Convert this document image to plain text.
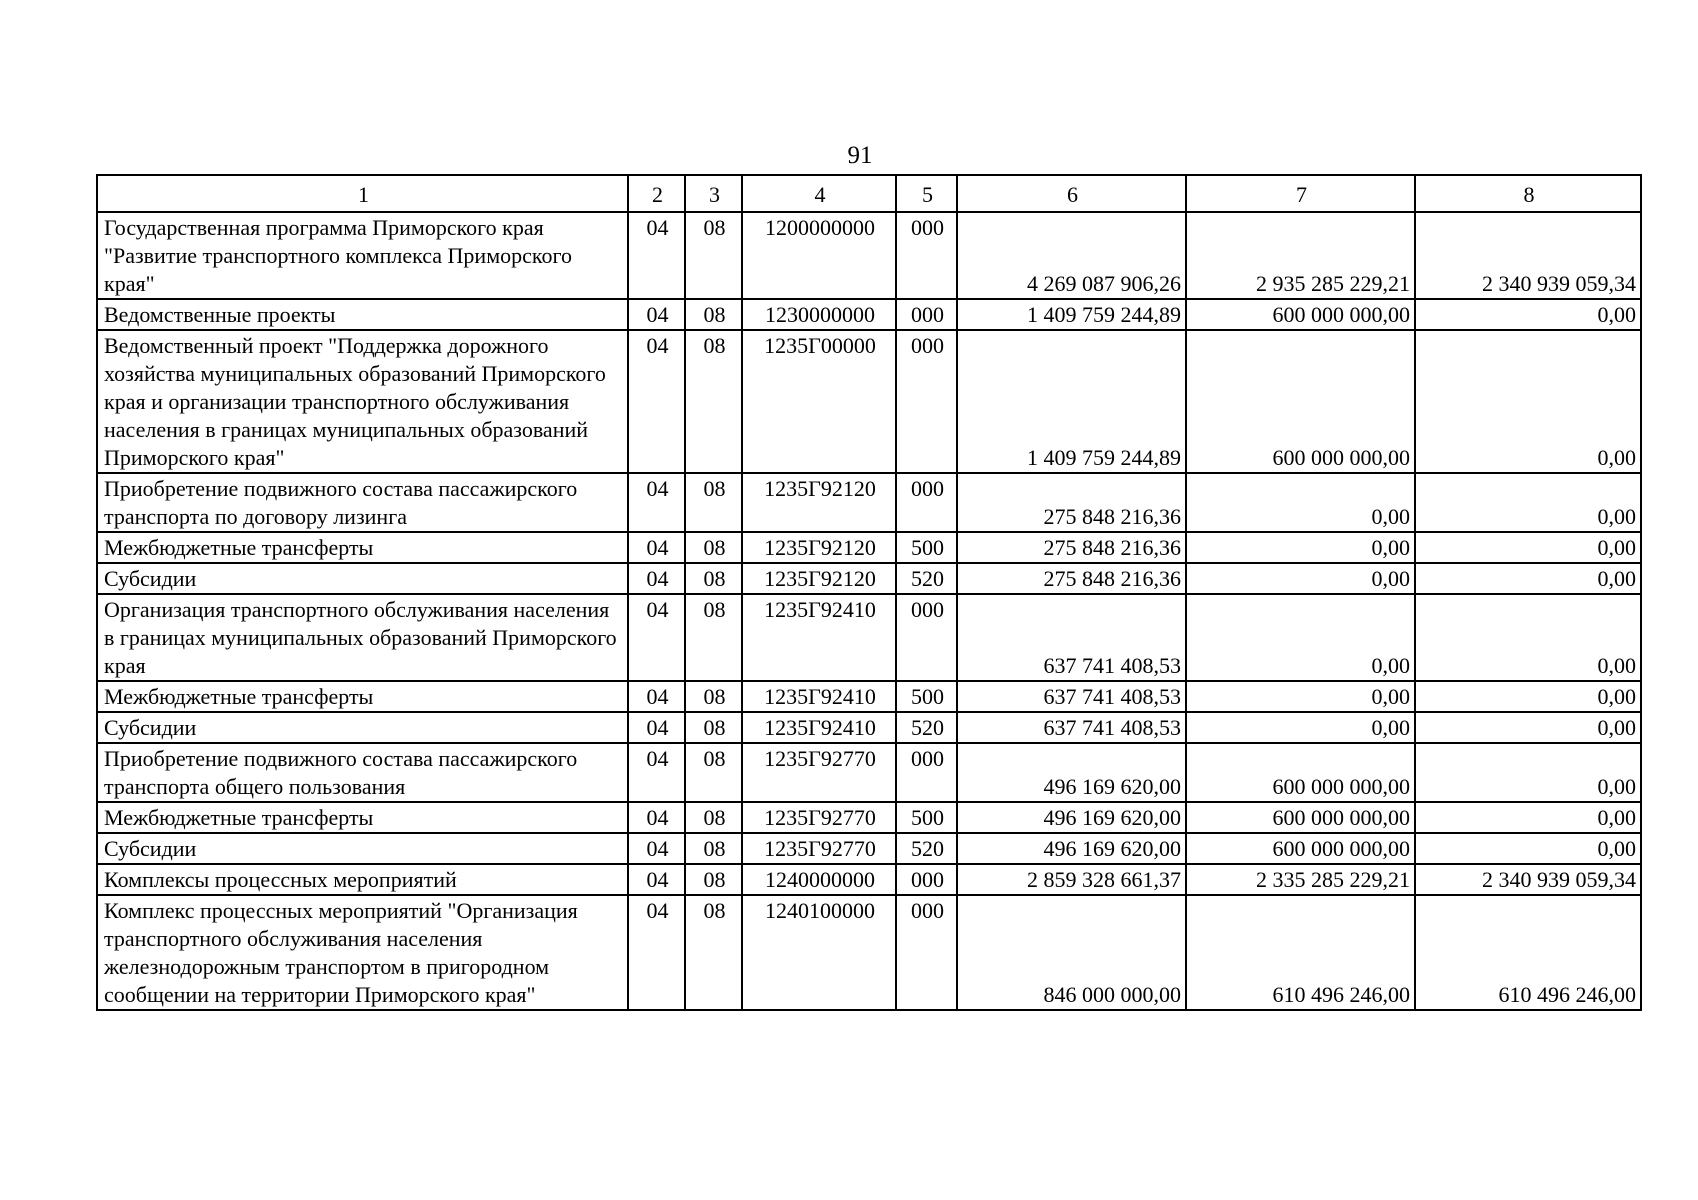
91
1	2	3	4	5	6	7	8
Государственная программа Приморского края "Развитие транспортного комплекса Приморского края"	04	08	1200000000	000	4 269 087 906,26	2 935 285 229,21	2 340 939 059,34
Ведомственные проекты	04	08	1230000000	000	1 409 759 244,89	600 000 000,00	0,00
Ведомственный проект "Поддержка дорожного хозяйства муниципальных образований Приморского края и организации транспортного обслуживания населения в границах муниципальных образований Приморского края"	04	08	1235Г00000	000	1 409 759 244,89	600 000 000,00	0,00
Приобретение подвижного состава пассажирского транспорта по договору лизинга	04	08	1235Г92120	000	275 848 216,36	0,00	0,00
Межбюджетные трансферты	04	08	1235Г92120	500	275 848 216,36	0,00	0,00
Субсидии	04	08	1235Г92120	520	275 848 216,36	0,00	0,00
Организация транспортного обслуживания населения в границах муниципальных образований Приморского края	04	08	1235Г92410	000	637 741 408,53	0,00	0,00
Межбюджетные трансферты	04	08	1235Г92410	500	637 741 408,53	0,00	0,00
Субсидии	04	08	1235Г92410	520	637 741 408,53	0,00	0,00
Приобретение подвижного состава пассажирского транспорта общего пользования	04	08	1235Г92770	000	496 169 620,00	600 000 000,00	0,00
Межбюджетные трансферты	04	08	1235Г92770	500	496 169 620,00	600 000 000,00	0,00
Субсидии	04	08	1235Г92770	520	496 169 620,00	600 000 000,00	0,00
Комплексы процессных мероприятий	04	08	1240000000	000	2 859 328 661,37	2 335 285 229,21	2 340 939 059,34
Комплекс процессных мероприятий "Организация транспортного обслуживания населения железнодорожным транспортом в пригородном сообщении на территории Приморского края"	04	08	1240100000	000	846 000 000,00	610 496 246,00	610 496 246,00
